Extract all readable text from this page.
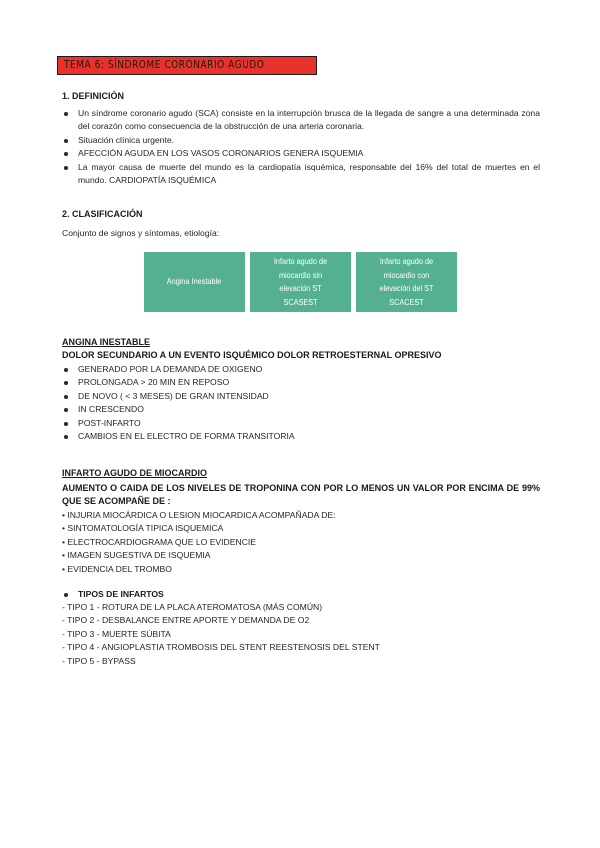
TEMA 6: SÍNDROME CORONARIO AGUDO
1. DEFINICIÓN
Un síndrome coronario agudo (SCA) consiste en la interrupción brusca de la llegada de sangre a una determinada zona del corazón como consecuencia de la obstrucción de una arteria coronaria.
Situación clínica urgente.
AFECCIÓN AGUDA EN LOS VASOS CORONARIOS GENERA ISQUEMIA
La mayor causa de muerte del mundo es la cardiopatía isquémica, responsable del 16% del total de muertes en el mundo. CARDIOPATÍA ISQUÉMICA
2. CLASIFICACIÓN
Conjunto de signos y síntomas, etiología:
Angina Inestable
Infarto agudo de miocardio sin elevación ST SCASEST
Infarto agudo de miocardio con elevación del ST SCACEST
ANGINA INESTABLE
DOLOR SECUNDARIO A UN EVENTO ISQUÉMICO DOLOR RETROESTERNAL OPRESIVO
GENERADO POR LA DEMANDA DE OXIGENO
PROLONGADA > 20 MIN EN REPOSO
DE NOVO ( < 3 MESES) DE GRAN INTENSIDAD
IN CRESCENDO
POST-INFARTO
CAMBIOS EN EL ELECTRO DE FORMA TRANSITORIA
INFARTO AGUDO DE MIOCARDIO
AUMENTO O CAIDA DE LOS NIVELES DE TROPONINA CON POR LO MENOS UN VALOR POR ENCIMA DE 99% QUE SE ACOMPAÑE DE :
• INJURIA MIOCÁRDICA O LESION MIOCARDICA ACOMPAÑADA DE:
• SINTOMATOLOGÍA TIPICA ISQUEMICA
• ELECTROCARDIOGRAMA QUE LO EVIDENCIE
• IMAGEN SUGESTIVA DE ISQUEMIA
• EVIDENCIA DEL TROMBO
TIPOS DE INFARTOS
- TIPO 1 - ROTURA DE LA PLACA ATEROMATOSA (MÁS COMÚN)
- TIPO 2 - DESBALANCE ENTRE APORTE Y DEMANDA DE O2
- TIPO 3 - MUERTE SÚBITA
- TIPO 4 - ANGIOPLASTIA TROMBOSIS DEL STENT REESTENOSIS DEL STENT
- TIPO 5 - BYPASS
